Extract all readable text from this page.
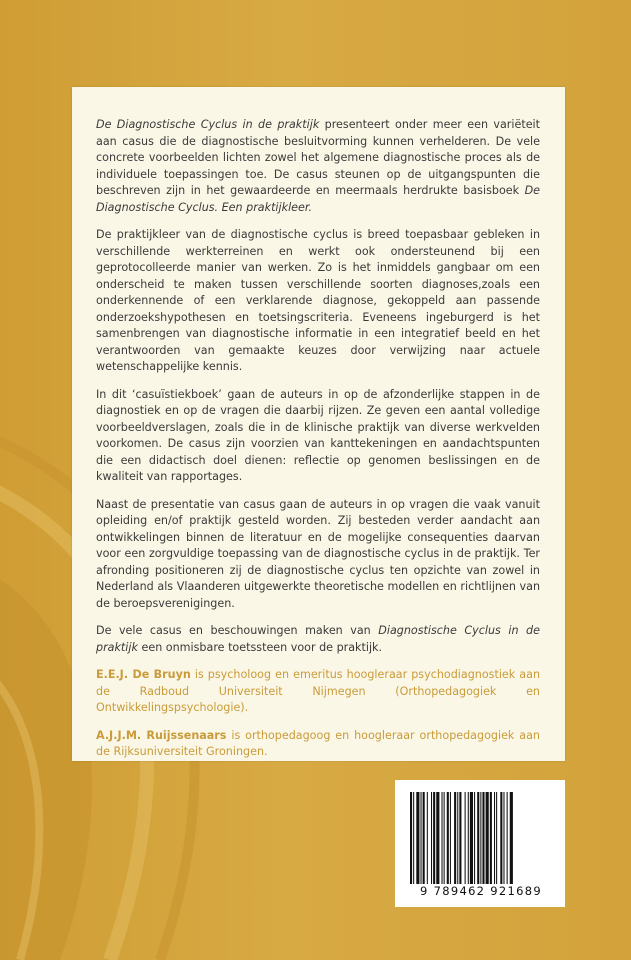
De Diagnostische Cyclus in de praktijk presenteert onder meer een variëteit aan casus die de diagnostische besluitvorming kunnen verhelderen. De vele concrete voorbeelden lichten zowel het algemene diagnostische proces als de individuele toepassingen toe. De casus steunen op de uitgangspunten die beschreven zijn in het gewaardeerde en meermaals herdrukte basisboek De Diagnostische Cyclus. Een praktijkleer.

De praktijkleer van de diagnostische cyclus is breed toepasbaar gebleken in verschillende werkterreinen en werkt ook ondersteunend bij een geprotocolleerde manier van werken. Zo is het inmiddels gangbaar om een onderscheid te maken tussen verschillende soorten diagnoses,zoals een onderkennende of een verklarende diagnose, gekoppeld aan passende onderzoekshypothesen en toetsingscriteria. Eveneens ingeburgerd is het samenbrengen van diagnostische informatie in een integratief beeld en het verantwoorden van gemaakte keuzes door verwijzing naar actuele wetenschappelijke kennis.

In dit ‘casuïstiekboek’ gaan de auteurs in op de afzonderlijke stappen in de diagnostiek en op de vragen die daarbij rijzen. Ze geven een aantal volledige voorbeeldverslagen, zoals die in de klinische praktijk van diverse werkvelden voorkomen. De casus zijn voorzien van kanttekeningen en aandachtspunten die een didactisch doel dienen: reflectie op genomen beslissingen en de kwaliteit van rapportages.

Naast de presentatie van casus gaan de auteurs in op vragen die vaak vanuit opleiding en/of praktijk gesteld worden. Zij besteden verder aandacht aan ontwikkelingen binnen de literatuur en de mogelijke consequenties daarvan voor een zorgvuldige toepassing van de diagnostische cyclus in de praktijk. Ter afronding positioneren zij de diagnostische cyclus ten opzichte van zowel in Nederland als Vlaanderen uitgewerkte theoretische modellen en richtlijnen van de beroepsverenigingen.

De vele casus en beschouwingen maken van Diagnostische Cyclus in de praktijk een onmisbare toetssteen voor de praktijk.

E.E.J. De Bruyn is psycholoog en emeritus hoogleraar psychodiagnostiek aan de Radboud Universiteit Nijmegen (Orthopedagogiek en Ontwikkelingspsychologie).

A.J.J.M. Ruijssenaars is orthopedagoog en hoogleraar orthopedagogiek aan de Rijksuniversiteit Groningen.

9 789462 921689
